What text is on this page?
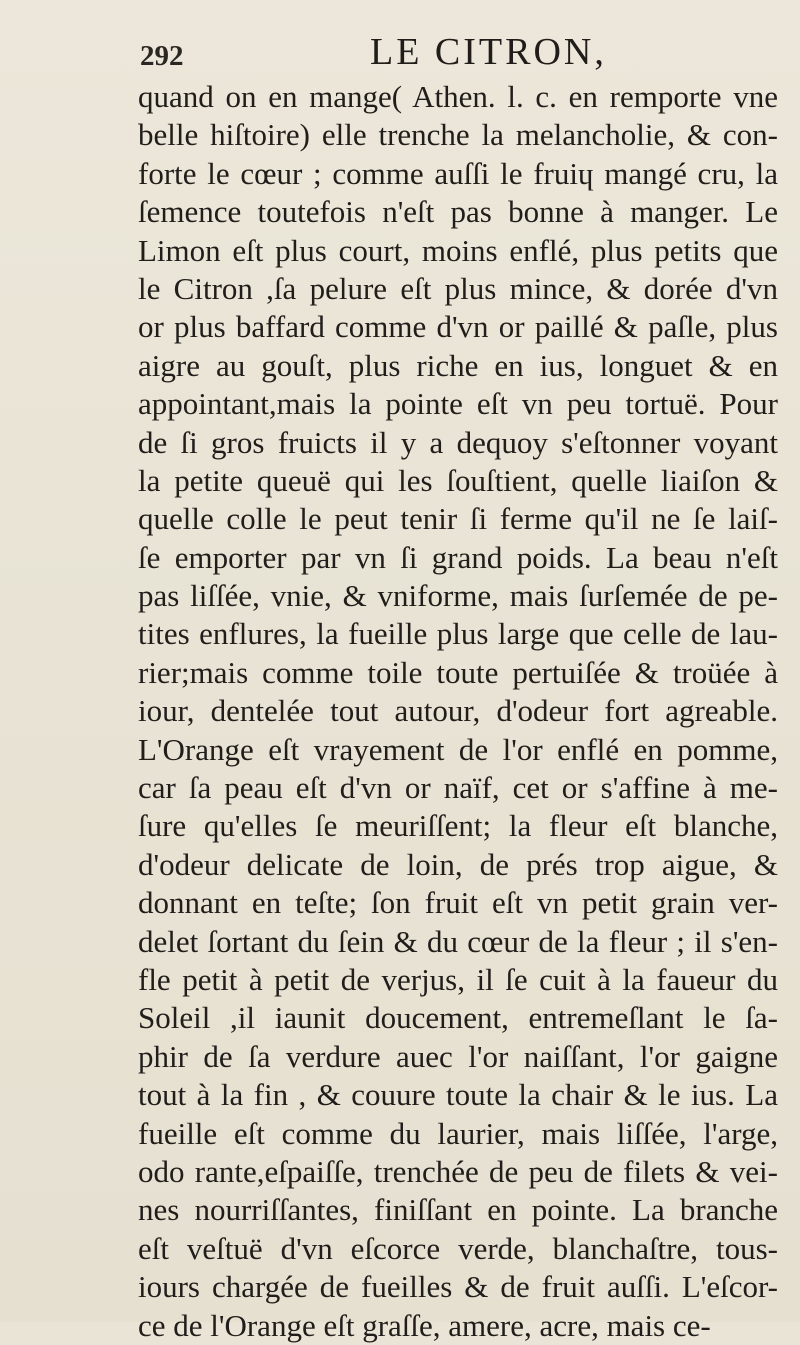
292	LE CITRON,
quand on en mange( Athen. l. c. en remporte vne
belle hiſtoire) elle trenche la melancholie, & con-
forte le cœur ; comme auſſi le fruiɥ mangé cru, la
ſemence toutefois n'eſt pas bonne à manger. Le
Limon eſt plus court, moins enflé, plus petits que
le Citron ,ſa pelure eſt plus mince, & dorée d'vn
or plus baffard comme d'vn or paillé & paſle, plus
aigre au gouſt, plus riche en ius, longuet & en
appointant,mais la pointe eſt vn peu tortuë. Pour
de ſi gros fruicts il y a dequoy s'eſtonner voyant
la petite queuë qui les ſouſtient, quelle liaiſon &
quelle colle le peut tenir ſi ferme qu'il ne ſe laiſ-
ſe emporter par vn ſi grand poids. La beau n'eſt
pas liſſée, vnie, & vniforme, mais ſurſemée de pe-
tites enflures, la fueille plus large que celle de lau-
rier;mais comme toile toute pertuiſée & troüée à
iour, dentelée tout autour, d'odeur fort agreable.
L'Orange eſt vrayement de l'or enflé en pomme,
car ſa peau eſt d'vn or naïf, cet or s'affine à me-
ſure qu'elles ſe meuriſſent; la fleur eſt blanche,
d'odeur delicate de loin, de prés trop aigue, &
donnant en teſte; ſon fruit eſt vn petit grain ver-
delet ſortant du ſein & du cœur de la fleur ; il s'en-
fle petit à petit de verjus, il ſe cuit à la faueur du
Soleil ,il iaunit doucement, entremeſlant le ſa-
phir de ſa verdure auec l'or naiſſant, l'or gaigne
tout à la fin , & couure toute la chair & le ius. La
fueille eſt comme du laurier, mais liſſée, l'arge,
odo rante,eſpaiſſe, trenchée de peu de filets & vei-
nes nourriſſantes, finiſſant en pointe. La branche
eſt veſtuë d'vn eſcorce verde, blanchaſtre, tous-
iours chargée de fueilles & de fruit auſſi. L'eſcor-
ce de l'Orange eſt graſſe, amere, acre, mais ce-
